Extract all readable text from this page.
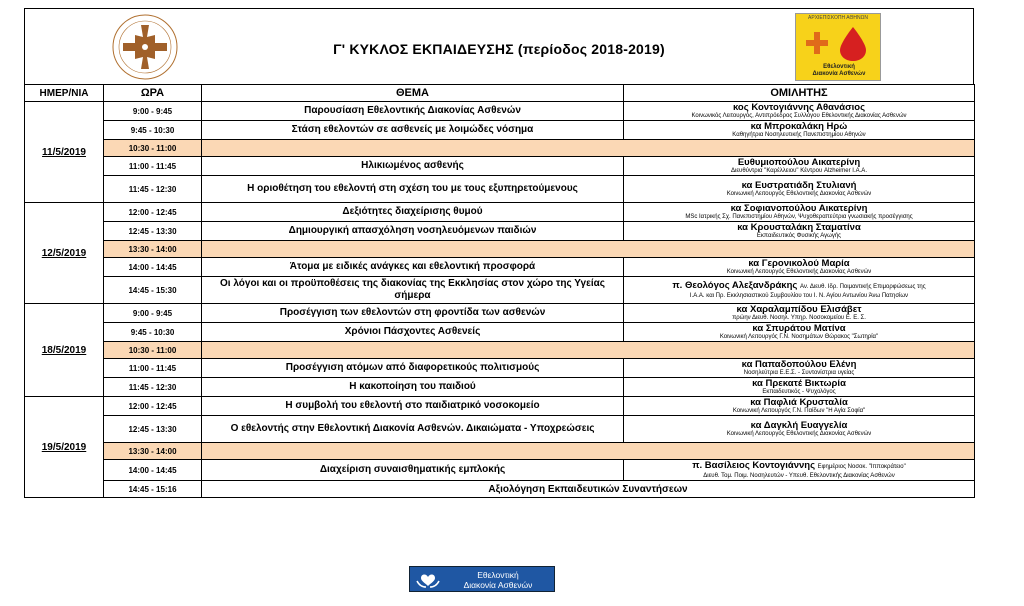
Γ' ΚΥΚΛΟΣ ΕΚΠΑΙΔΕΥΣΗΣ (περίοδος 2018-2019)
ΑΡΧΙΕΠΙΣΚΟΠΗ ΑΘΗΝΩΝ
Εθελοντική
Διακονία Ασθενών
ΗΜΕΡ/ΝΙΑ	ΩΡΑ	ΘΕΜΑ	ΟΜΙΛΗΤΗΣ
11/5/2019	9:00 - 9:45	Παρουσίαση Εθελοντικής Διακονίας Ασθενών	κος Κοντογιάννης Αθανάσιος
Κοινωνικός Λειτουργός, Αντιπρόεδρος Συλλόγου Εθελοντικής Διακονίας Ασθενών

	9:45 - 10:30	Στάση εθελοντών σε ασθενείς με λοιμώδες νόσημα	κα Μπροκαλάκη Ηρώ
Καθηγήτρια Νοσηλευτικής Πανεπιστημίου Αθηνών

	10:30 - 11:00		
	11:00 - 11:45	Ηλικιωμένος ασθενής	Ευθυμιοπούλου Αικατερίνη
Διευθύντρια "Καρέλλειου" Κέντρου Alzheimer Ι.Α.Α.

	11:45 - 12:30	Η οριοθέτηση του εθελοντή στη σχέση του με τους εξυπηρετούμενους	κα Ευστρατιάδη Στυλιανή
Κοινωνική Λειτουργός Εθελοντικής Διακονίας Ασθενών

12/5/2019	12:00 - 12:45	Δεξιότητες διαχείρισης θυμού	κα Σοφιανοπούλου Αικατερίνη
MSc Ιατρικής Σχ. Πανεπιστημίου Αθηνών, Ψυχοθεραπεύτρια γνωσιακής προσέγγισης

	12:45 - 13:30	Δημιουργική απασχόληση νοσηλευόμενων παιδιών	κα Κρουσταλάκη Σταματίνα
Εκπαιδευτικός Φυσικής Αγωγής

	13:30 - 14:00		
	14:00 - 14:45	Άτομα με ειδικές ανάγκες και εθελοντική προσφορά	κα Γερονικολού Μαρία
Κοινωνική Λειτουργός Εθελοντικής Διακονίας Ασθενών

	14:45 - 15:30	Οι λόγοι και οι προϋποθέσεις της διακονίας της Εκκλησίας στον χώρο της Υγείας σήμερα	π. Θεολόγος Αλεξανδράκης Αν. Διευθ. Ιδρ. Ποιμαντικής Επιμορφώσεως της
Ι.Α.Α. και Πρ. Εκκλησιαστικού Συμβουλίου του Ι. Ν. Αγίου Αντωνίου Άνω Πατησίων

18/5/2019	9:00 - 9:45	Προσέγγιση των εθελοντών στη φροντίδα των ασθενών	κα Χαραλαμπίδου Ελισάβετ
πρώην Διευθ. Νοσηλ. Υπηρ. Νοσοκομείου Ε. Ε. Σ.

	9:45 - 10:30	Χρόνιοι Πάσχοντες Ασθενείς	κα Σπυράτου Ματίνα
Κοινωνική Λειτουργός Γ.Ν. Νοσημάτων Θώρακος "Σωτηρία"

	10:30 - 11:00		
	11:00 - 11:45	Προσέγγιση ατόμων από διαφορετικούς πολιτισμούς	κα Παπαδοπούλου Ελένη
Νοσηλεύτρια Ε.Ε.Σ. - Συντονίστρια υγείας

	11:45 - 12:30	Η κακοποίηση του παιδιού	κα Πρεκατέ Βικτωρία
Εκπαιδευτικός - Ψυχολόγος

19/5/2019	12:00 - 12:45	Η συμβολή του εθελοντή στο παιδιατρικό νοσοκομείο	κα Παφλιά Κρυσταλία
Κοινωνική Λειτουργός Γ.Ν. Παίδων "Η Αγία Σοφία"

	12:45 - 13:30	Ο εθελοντής στην Εθελοντική Διακονία Ασθενών. Δικαιώματα - Υποχρεώσεις	κα Δαγκλή Ευαγγελία
Κοινωνική Λειτουργός Εθελοντικής Διακονίας Ασθενών

	13:30 - 14:00		
	14:00 - 14:45	Διαχείριση συναισθηματικής εμπλοκής	π. Βασίλειος Κοντογιάννης Εφημέριος Νοσοκ. "Ιπποκράτειο"
Διευθ. Τομ. Ποιμ. Νοσηλευτών - Υπευθ. Εθελοντικής Διακονίας Ασθενών

	14:45 - 15:16	Αξιολόγηση Εκπαιδευτικών Συναντήσεων	
Εθελοντική
Διακονία Ασθενών
